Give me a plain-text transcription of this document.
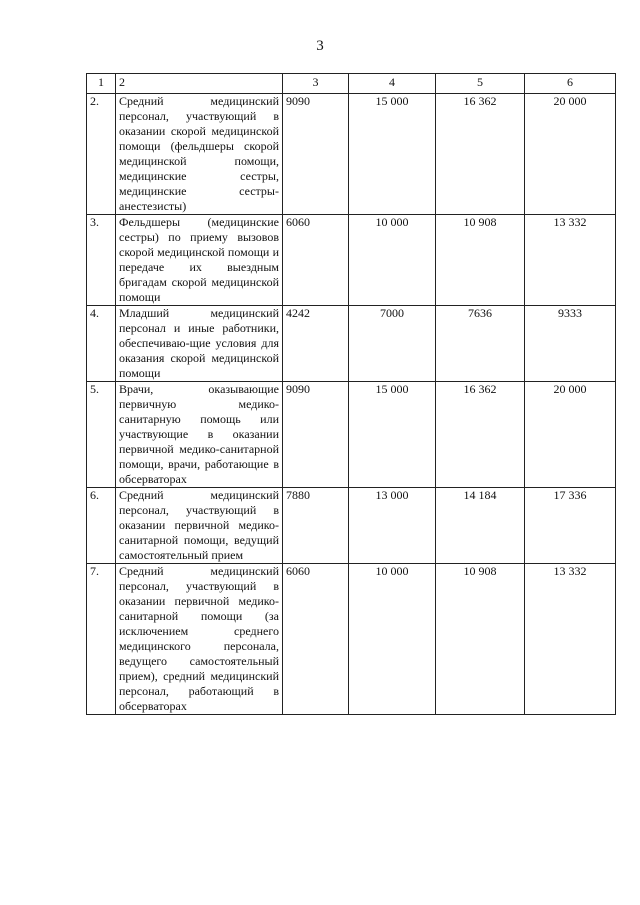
3
1	2	3	4	5	6
2.	Средний медицинский персонал, участвующий в оказании скорой медицинской помощи (фельдшеры скорой медицинской помощи, медицинские сестры, медицинские сестры-анестезисты)	9090	15 000	16 362	20 000
3.	Фельдшеры (медицинские сестры) по приему вызовов скорой медицинской помощи и передаче их выездным бригадам скорой медицинской помощи	6060	10 000	10 908	13 332
4.	Младший медицинский персонал и иные работники, обеспечиваю-щие условия для оказания скорой медицинской помощи	4242	7000	7636	9333
5.	Врачи, оказывающие первичную медико-санитарную помощь или участвующие в оказании первичной медико-санитарной помощи, врачи, работающие в обсерваторах	9090	15 000	16 362	20 000
6.	Средний медицинский персонал, участвующий в оказании первичной медико-санитарной помощи, ведущий самостоятельный прием	7880	13 000	14 184	17 336
7.	Средний медицинский персонал, участвующий в оказании первичной медико-санитарной помощи (за исключением среднего медицинского персонала, ведущего самостоятельный прием), средний медицинский персонал, работающий в обсерваторах	6060	10 000	10 908	13 332
